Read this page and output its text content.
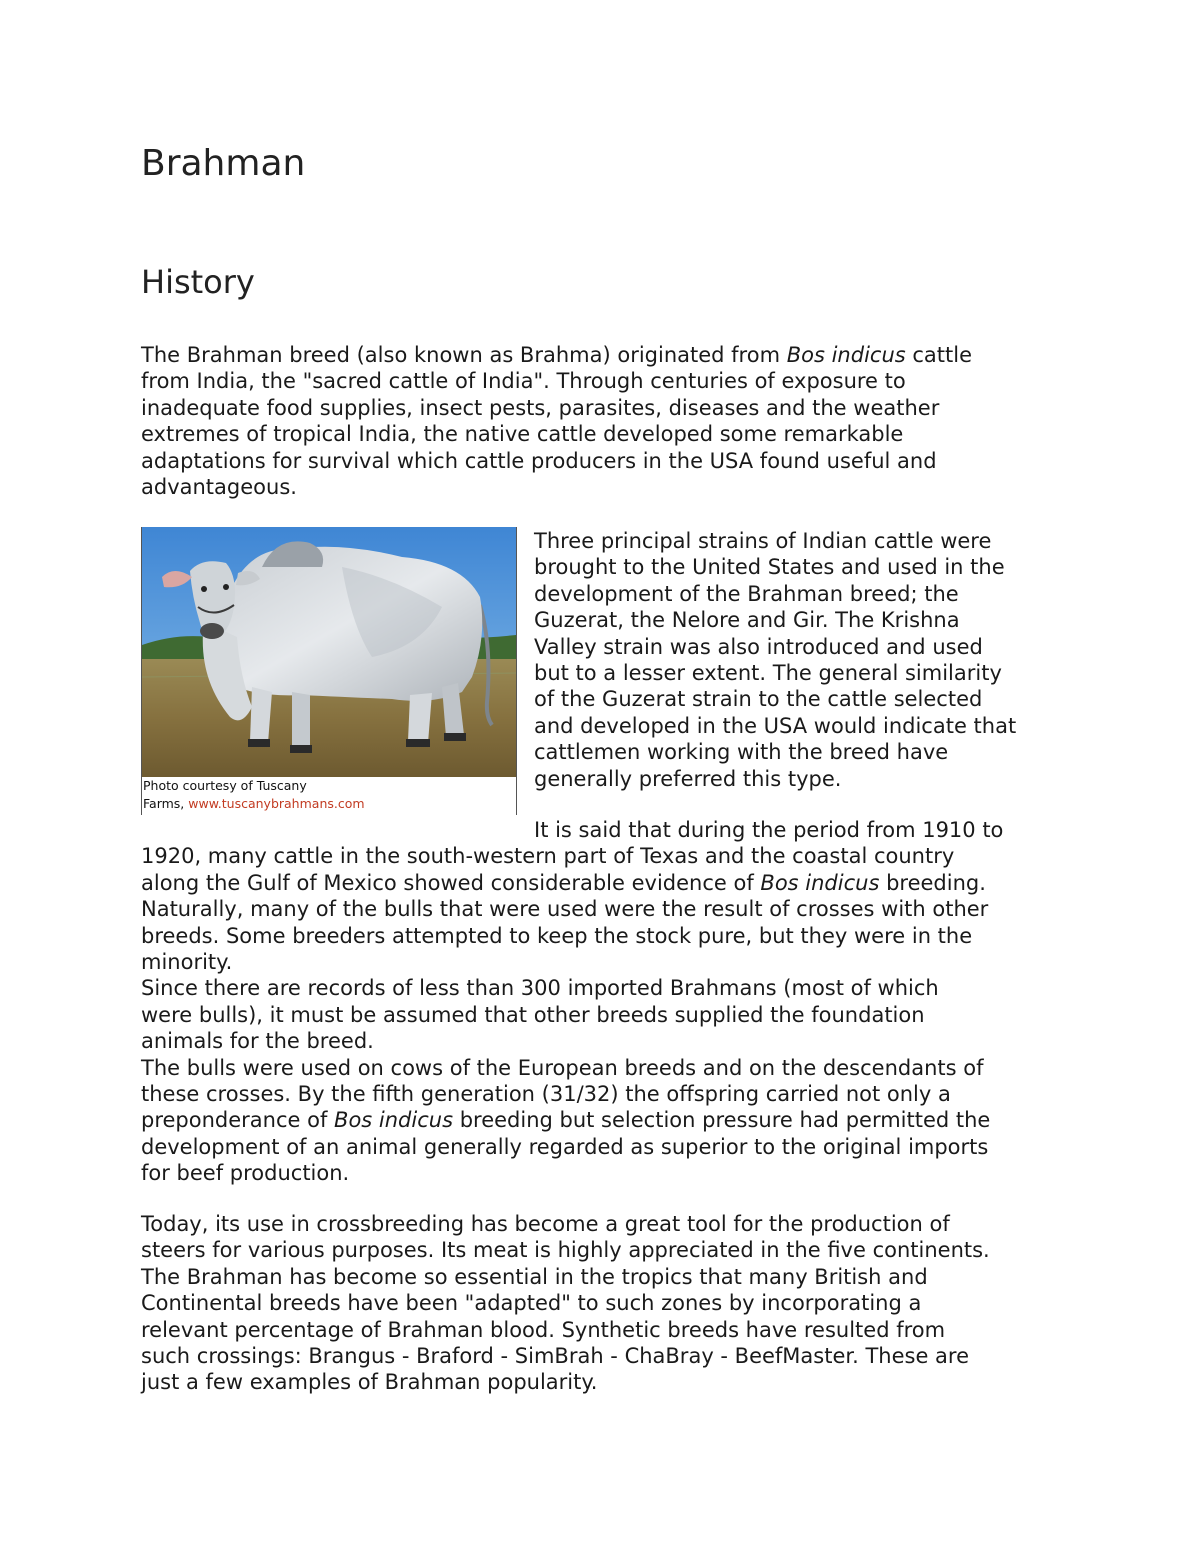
Brahman
History

The Brahman breed (also known as Brahma) originated from Bos indicus cattle
from India, the "sacred cattle of India". Through centuries of exposure to
inadequate food supplies, insect pests, parasites, diseases and the weather
extremes of tropical India, the native cattle developed some remarkable
adaptations for survival which cattle producers in the USA found useful and
advantageous.

Photo courtesy of Tuscany
Farms, www.tuscanybrahmans.com

Three principal strains of Indian cattle were
brought to the United States and used in the
development of the Brahman breed; the
Guzerat, the Nelore and Gir. The Krishna
Valley strain was also introduced and used
but to a lesser extent. The general similarity
of the Guzerat strain to the cattle selected
and developed in the USA would indicate that
cattlemen working with the breed have
generally preferred this type.

It is said that during the period from 1910 to
1920, many cattle in the south-western part of Texas and the coastal country
along the Gulf of Mexico showed considerable evidence of Bos indicus breeding.
Naturally, many of the bulls that were used were the result of crosses with other
breeds. Some breeders attempted to keep the stock pure, but they were in the
minority.
Since there are records of less than 300 imported Brahmans (most of which
were bulls), it must be assumed that other breeds supplied the foundation
animals for the breed.
The bulls were used on cows of the European breeds and on the descendants of
these crosses. By the fifth generation (31/32) the offspring carried not only a
preponderance of Bos indicus breeding but selection pressure had permitted the
development of an animal generally regarded as superior to the original imports
for beef production.

Today, its use in crossbreeding has become a great tool for the production of
steers for various purposes. Its meat is highly appreciated in the five continents.
The Brahman has become so essential in the tropics that many British and
Continental breeds have been "adapted" to such zones by incorporating a
relevant percentage of Brahman blood. Synthetic breeds have resulted from
such crossings: Brangus - Braford - SimBrah - ChaBray - BeefMaster. These are
just a few examples of Brahman popularity.
